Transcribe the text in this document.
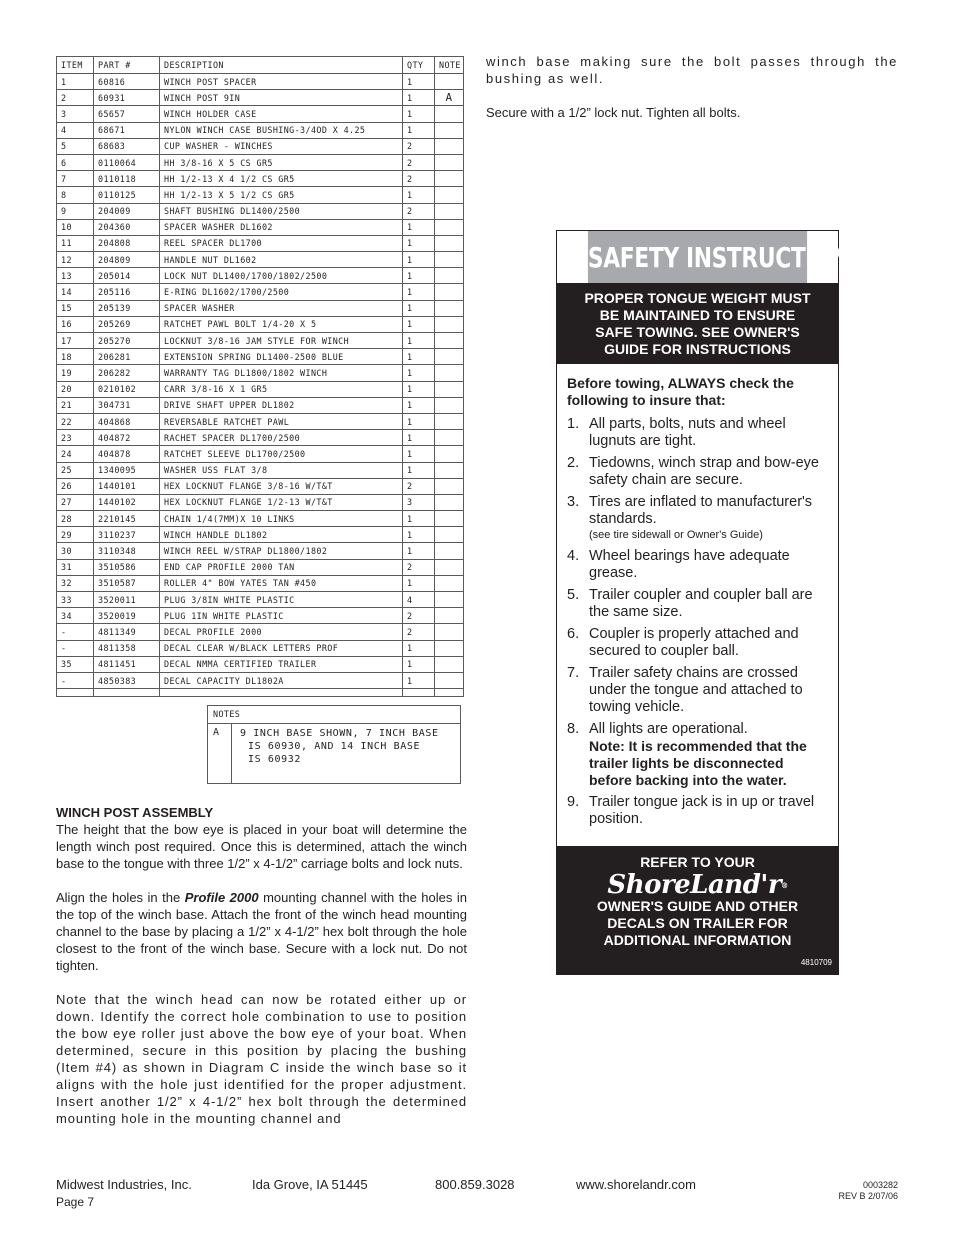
ITEM	PART #	DESCRIPTION	QTY	NOTE
1	60816	WINCH POST SPACER	1	
2	60931	WINCH POST 9IN	1	A
3	65657	WINCH HOLDER CASE	1	
4	68671	NYLON WINCH CASE BUSHING-3/4OD X 4.25	1	
5	68683	CUP WASHER - WINCHES	2	
6	0110064	HH 3/8-16 X 5 CS GR5	2	
7	0110118	HH 1/2-13 X 4 1/2 CS GR5	2	
8	0110125	HH 1/2-13 X 5 1/2 CS GR5	1	
9	204009	SHAFT BUSHING DL1400/2500	2	
10	204360	SPACER WASHER DL1602	1	
11	204808	REEL SPACER DL1700	1	
12	204809	HANDLE NUT DL1602	1	
13	205014	LOCK NUT DL1400/1700/1802/2500	1	
14	205116	E-RING DL1602/1700/2500	1	
15	205139	SPACER WASHER	1	
16	205269	RATCHET PAWL BOLT 1/4-20 X 5	1	
17	205270	LOCKNUT 3/8-16 JAM STYLE FOR WINCH	1	
18	206281	EXTENSION SPRING DL1400-2500 BLUE	1	
19	206282	WARRANTY TAG DL1800/1802 WINCH	1	
20	0210102	CARR 3/8-16 X 1 GR5	1	
21	304731	DRIVE SHAFT UPPER DL1802	1	
22	404868	REVERSABLE RATCHET PAWL	1	
23	404872	RACHET SPACER DL1700/2500	1	
24	404878	RATCHET SLEEVE DL1700/2500	1	
25	1340095	WASHER USS FLAT 3/8	1	
26	1440101	HEX LOCKNUT FLANGE 3/8-16 W/T&T	2	
27	1440102	HEX LOCKNUT FLANGE 1/2-13 W/T&T	3	
28	2210145	CHAIN 1/4(7MM)X 10 LINKS	1	
29	3110237	WINCH HANDLE DL1802	1	
30	3110348	WINCH REEL W/STRAP DL1800/1802	1	
31	3510586	END CAP PROFILE 2000 TAN	2	
32	3510587	ROLLER 4" BOW YATES TAN #450	1	
33	3520011	PLUG 3/8IN WHITE PLASTIC	4	
34	3520019	PLUG 1IN WHITE PLASTIC	2	
-	4811349	DECAL PROFILE 2000	2	
-	4811358	DECAL CLEAR W/BLACK LETTERS PROF	1	
35	4811451	DECAL NMMA CERTIFIED TRAILER	1	
-	4850383	DECAL CAPACITY DL1802A	1	

NOTES
A	9 INCH BASE SHOWN, 7 INCH BASE
IS 60930, AND 14 INCH BASE
IS 60932
WINCH POST ASSEMBLY

The height that the bow eye is placed in your boat will determine the length winch post required. Once this is determined, attach the winch base to the tongue with three 1/2” x 4-1/2” carriage bolts and lock nuts.

Align the holes in the Profile 2000 mounting channel with the holes in the top of the winch base. Attach the front of the winch head mounting channel to the base by placing a 1/2” x 4-1/2” hex bolt through the hole closest to the front of the winch base. Secure with a lock nut. Do not tighten.

Note that the winch head can now be rotated either up or down. Identify the correct hole combination to use to position the bow eye roller just above the bow eye of your boat. When determined, secure in this position by placing the bushing (Item #4) as shown in Diagram C inside the winch base so it aligns with the hole just identified for the proper adjustment. Insert another 1/2” x 4-1/2” hex bolt through the determined mounting hole in the mounting channel and

winch base making sure the bolt passes through the bushing as well.

Secure with a 1/2” lock nut. Tighten all bolts.

SAFETY INSTRUCTIONS
PROPER TONGUE WEIGHT MUST
BE MAINTAINED TO ENSURE
SAFE TOWING. SEE OWNER'S
GUIDE FOR INSTRUCTIONS
Before towing, ALWAYS check the following to insure that:
1. All parts, bolts, nuts and wheel lugnuts are tight.
2. Tiedowns, winch strap and bow-eye safety chain are secure.
3. Tires are inflated to manufacturer's standards.
(see tire sidewall or Owner's Guide)
4. Wheel bearings have adequate grease.
5. Trailer coupler and coupler ball are the same size.
6. Coupler is properly attached and secured to coupler ball.
7. Trailer safety chains are crossed under the tongue and attached to towing vehicle.
8. All lights are operational.
Note: It is recommended that the trailer lights be disconnected before backing into the water.
9. Trailer tongue jack is in up or travel position.
REFER TO YOUR
ShoreLand'r®
OWNER'S GUIDE AND OTHER
DECALS ON TRAILER FOR
ADDITIONAL INFORMATION
4810709
Midwest Industries, Inc.
Page 7
Ida Grove, IA 51445	800.859.3028	www.shorelandr.com	0003282
REV B 2/07/06
